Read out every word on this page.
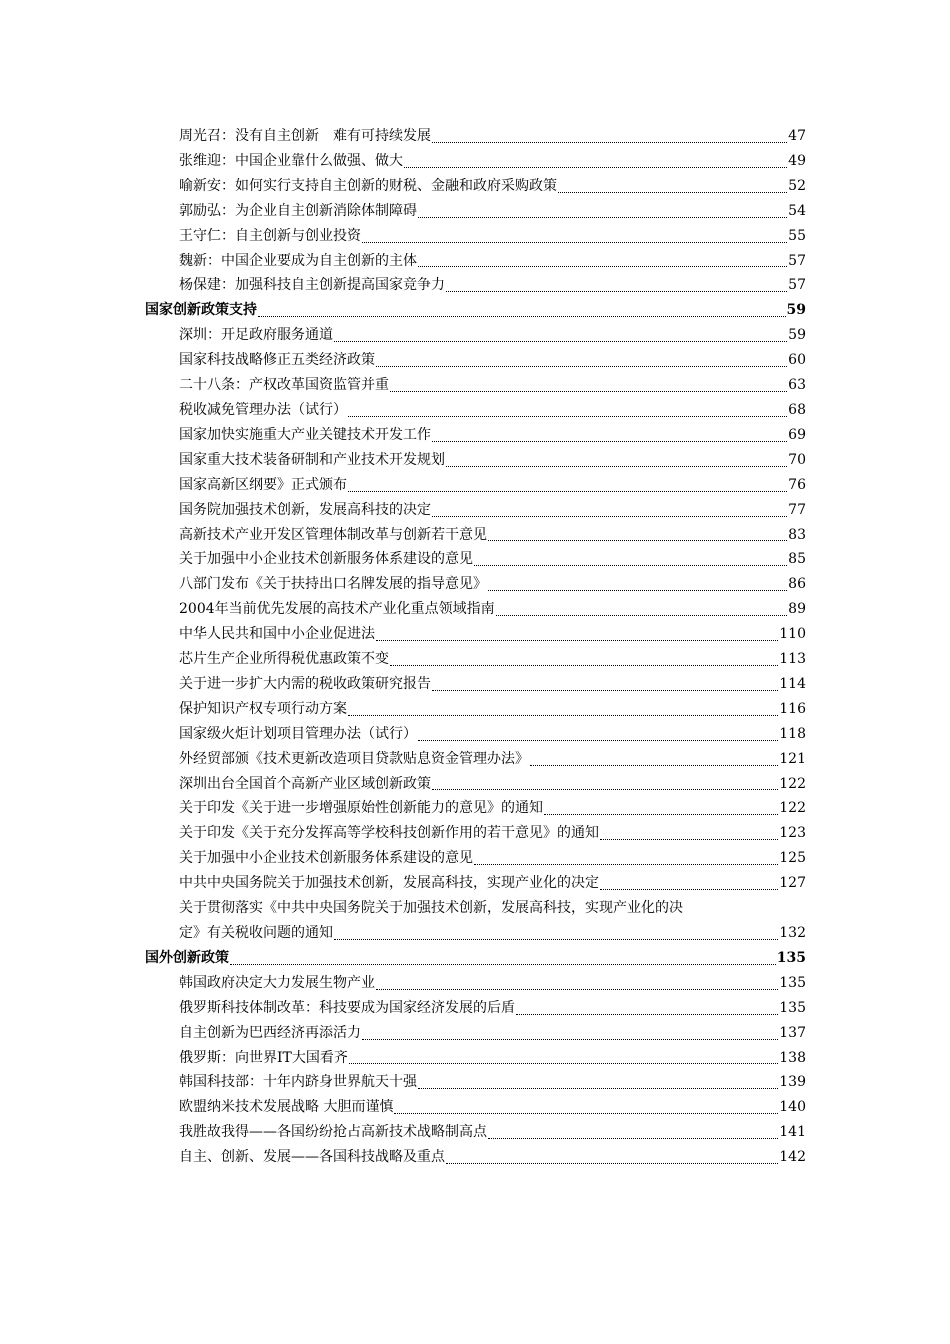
周光召：没有自主创新　难有可持续发展	47
张维迎：中国企业靠什么做强、做大	49
喻新安：如何实行支持自主创新的财税、金融和政府采购政策	52
郭励弘：为企业自主创新消除体制障碍	54
王守仁：自主创新与创业投资	55
魏新：中国企业要成为自主创新的主体	57
杨保建：加强科技自主创新提高国家竞争力	57
国家创新政策支持	59
深圳：开足政府服务通道	59
国家科技战略修正五类经济政策	60
二十八条：产权改革国资监管并重	63
税收减免管理办法（试行）	68
国家加快实施重大产业关键技术开发工作	69
国家重大技术装备研制和产业技术开发规划	70
国家高新区纲要》正式颁布	76
国务院加强技术创新，发展高科技的决定	77
高新技术产业开发区管理体制改革与创新若干意见	83
关于加强中小企业技术创新服务体系建设的意见	85
八部门发布《关于扶持出口名牌发展的指导意见》	86
2004年当前优先发展的高技术产业化重点领域指南	89
中华人民共和国中小企业促进法	110
芯片生产企业所得税优惠政策不变	113
关于进一步扩大内需的税收政策研究报告	114
保护知识产权专项行动方案	116
国家级火炬计划项目管理办法（试行）	118
外经贸部颁《技术更新改造项目贷款贴息资金管理办法》	121
深圳出台全国首个高新产业区域创新政策	122
关于印发《关于进一步增强原始性创新能力的意见》的通知	122
关于印发《关于充分发挥高等学校科技创新作用的若干意见》的通知	123
关于加强中小企业技术创新服务体系建设的意见	125
中共中央国务院关于加强技术创新，发展高科技，实现产业化的决定	127
关于贯彻落实《中共中央国务院关于加强技术创新，发展高科技，实现产业化的决
定》有关税收问题的通知	132
国外创新政策	135
韩国政府决定大力发展生物产业	135
俄罗斯科技体制改革：科技要成为国家经济发展的后盾	135
自主创新为巴西经济再添活力	137
俄罗斯：向世界IT大国看齐	138
韩国科技部：十年内跻身世界航天十强	139
欧盟纳米技术发展战略 大胆而谨慎	140
我胜故我得——各国纷纷抢占高新技术战略制高点	141
自主、创新、发展——各国科技战略及重点	142
